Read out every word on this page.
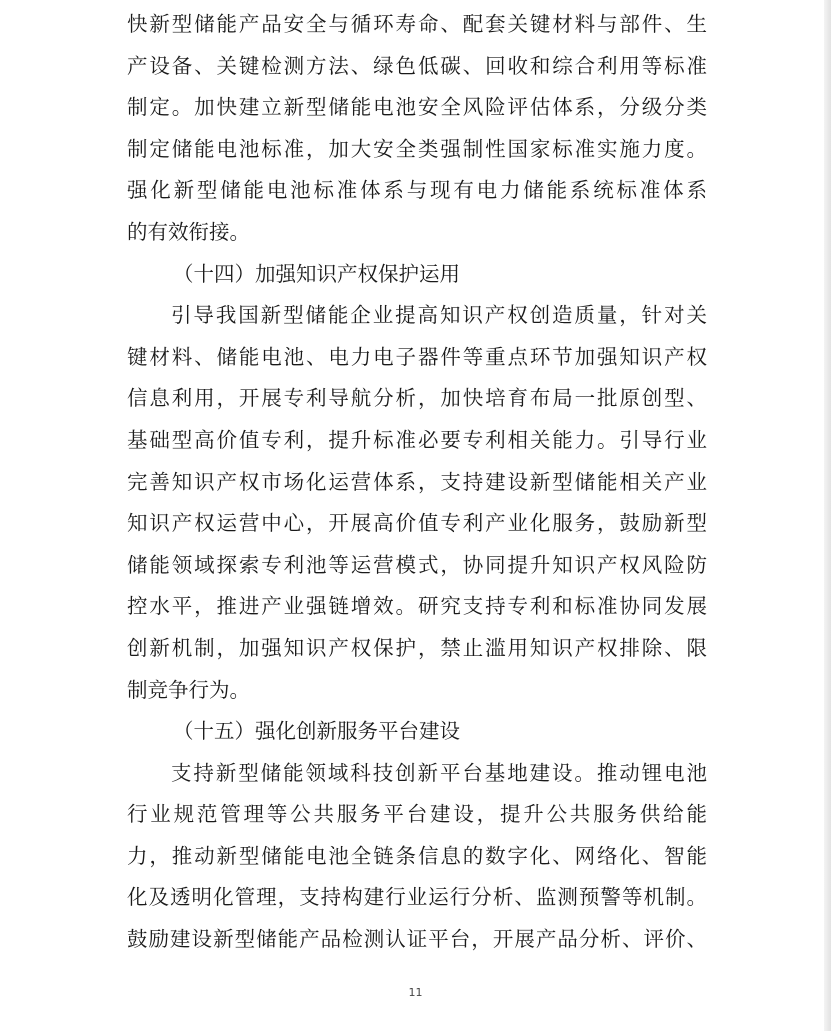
快新型储能产品安全与循环寿命、配套关键材料与部件、生
产设备、关键检测方法、绿色低碳、回收和综合利用等标准
制定。加快建立新型储能电池安全风险评估体系，分级分类
制定储能电池标准，加大安全类强制性国家标准实施力度。
强化新型储能电池标准体系与现有电力储能系统标准体系
的有效衔接。
（十四）加强知识产权保护运用
引导我国新型储能企业提高知识产权创造质量，针对关
键材料、储能电池、电力电子器件等重点环节加强知识产权
信息利用，开展专利导航分析，加快培育布局一批原创型、
基础型高价值专利，提升标准必要专利相关能力。引导行业
完善知识产权市场化运营体系，支持建设新型储能相关产业
知识产权运营中心，开展高价值专利产业化服务，鼓励新型
储能领域探索专利池等运营模式，协同提升知识产权风险防
控水平，推进产业强链增效。研究支持专利和标准协同发展
创新机制，加强知识产权保护，禁止滥用知识产权排除、限
制竞争行为。
（十五）强化创新服务平台建设
支持新型储能领域科技创新平台基地建设。推动锂电池
行业规范管理等公共服务平台建设，提升公共服务供给能
力，推动新型储能电池全链条信息的数字化、网络化、智能
化及透明化管理，支持构建行业运行分析、监测预警等机制。
鼓励建设新型储能产品检测认证平台，开展产品分析、评价、
11
